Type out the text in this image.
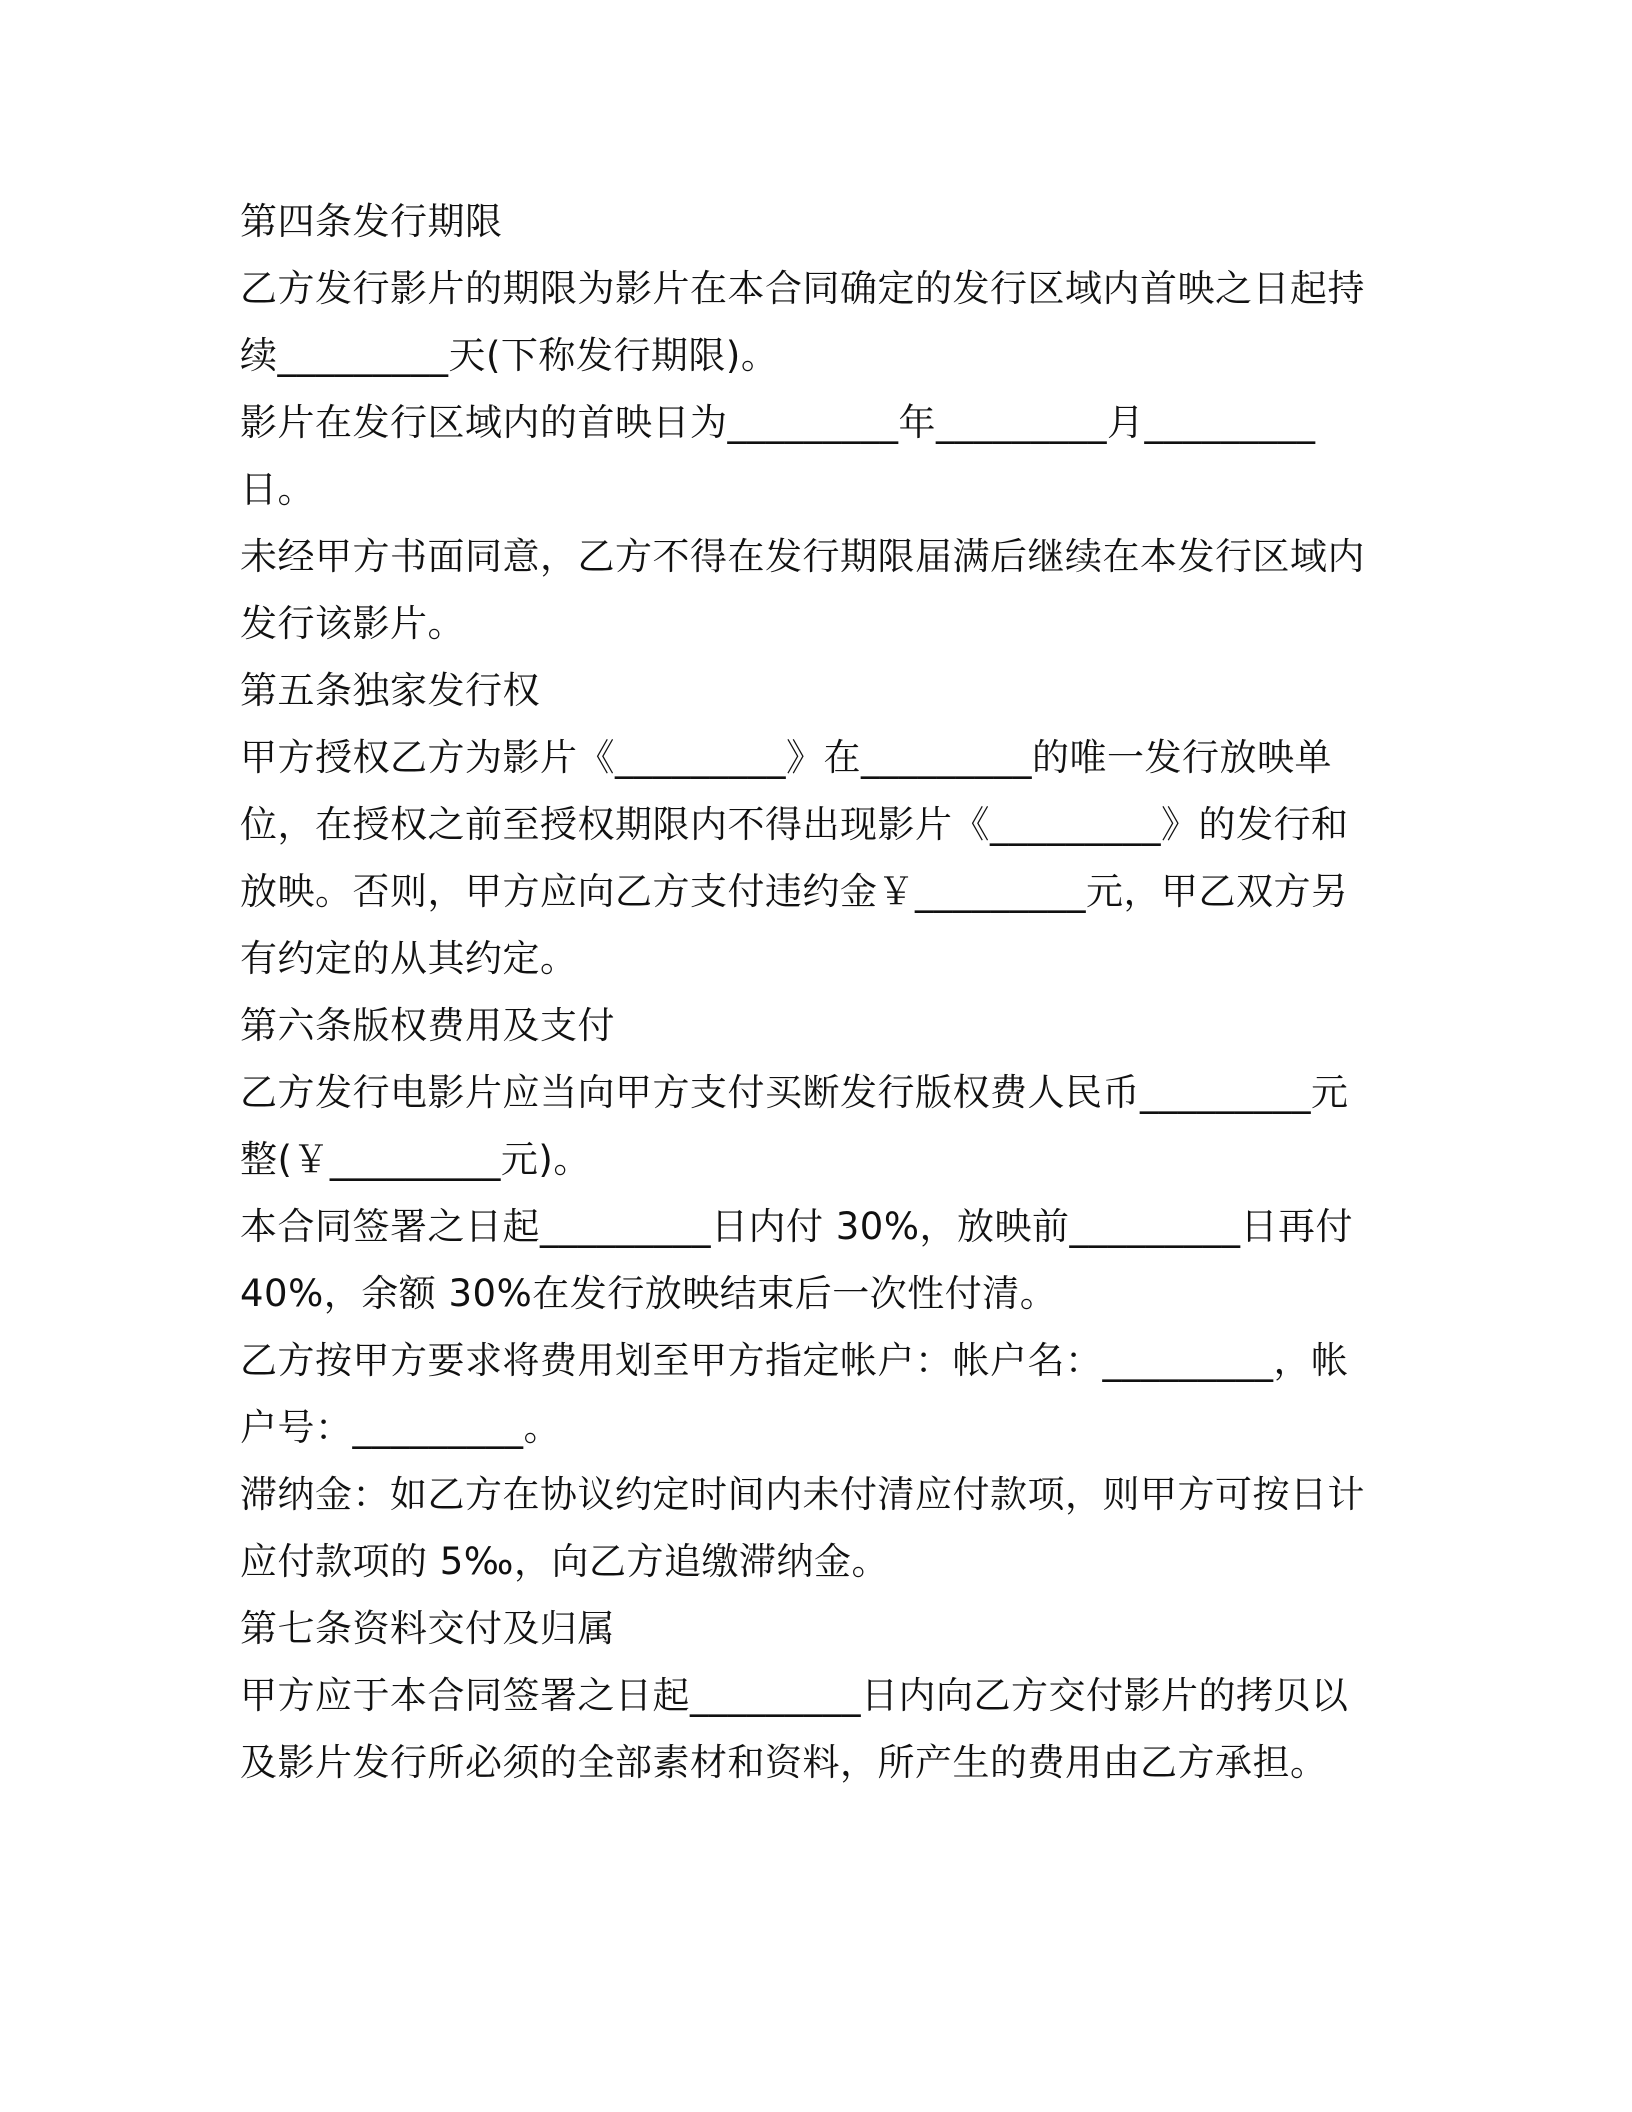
第四条发行期限
乙方发行影片的期限为影片在本合同确定的发行区域内首映之日起持
续_________天(下称发行期限)。
影片在发行区域内的首映日为_________年_________月_________
日。
未经甲方书面同意，乙方不得在发行期限届满后继续在本发行区域内
发行该影片。
第五条独家发行权
甲方授权乙方为影片《_________》在_________的唯一发行放映单
位，在授权之前至授权期限内不得出现影片《_________》的发行和
放映。否则，甲方应向乙方支付违约金￥_________元，甲乙双方另
有约定的从其约定。
第六条版权费用及支付
乙方发行电影片应当向甲方支付买断发行版权费人民币_________元
整(￥_________元)。
本合同签署之日起_________日内付 30%，放映前_________日再付
40%，余额 30%在发行放映结束后一次性付清。
乙方按甲方要求将费用划至甲方指定帐户：帐户名：_________，帐
户号：_________。
滞纳金：如乙方在协议约定时间内未付清应付款项，则甲方可按日计
应付款项的 5‰，向乙方追缴滞纳金。
第七条资料交付及归属
甲方应于本合同签署之日起_________日内向乙方交付影片的拷贝以
及影片发行所必须的全部素材和资料，所产生的费用由乙方承担。
